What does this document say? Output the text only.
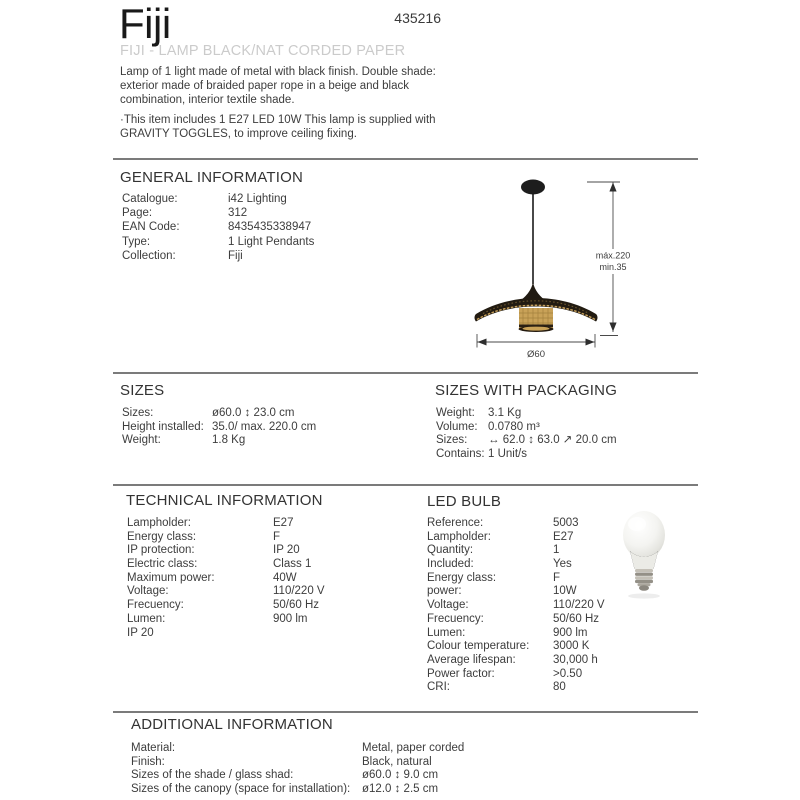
Fiji	435216
FIJI - LAMP BLACK/NAT CORDED PAPER
Lamp of 1 light made of metal with black finish. Double shade: exterior made of braided paper rope in a beige and black combination, interior textile shade.
·This item includes 1 E27 LED 10W This lamp is supplied with GRAVITY TOGGLES, to improve ceiling fixing.
GENERAL INFORMATION
Catalogue:	i42 Lighting
Page:	312
EAN Code:	8435435338947
Type:	1 Light Pendants
Collection:	Fiji	máx.220
min.35
Ø60
SIZES
Sizes:	ø60.0 ↕ 23.0 cm
Height installed: 35.0/ max. 220.0 cm
Weight:	1.8 Kg
SIZES WITH PACKAGING
Weight:	3.1 Kg
Volume: 0.0780 m³
Sizes:	↔ 62.0 ↕ 63.0 ↗ 20.0 cm
Contains: 1 Unit/s
TECHNICAL INFORMATION
Lampholder:	E27
Energy class:	F
IP protection:	IP 20
Electric class:	Class 1
Maximum power:	40W
Voltage:	110/220 V
Frecuency:	50/60 Hz
Lumen:	900 lm
IP 20
LED BULB
Reference:	5003
Lampholder:	E27
Quantity:	1
Included:	Yes
Energy class:	F
power:	10W
Voltage:	110/220 V
Frecuency:	50/60 Hz
Lumen:	900 lm
Colour temperature:	3000 K
Average lifespan:	30,000 h
Power factor:	>0.50
CRI:	80
ADDITIONAL INFORMATION
Material:	Metal, paper corded
Finish:	Black, natural
Sizes of the shade / glass shad:	ø60.0 ↕ 9.0 cm
Sizes of the canopy (space for installation):	ø12.0 ↕ 2.5 cm
